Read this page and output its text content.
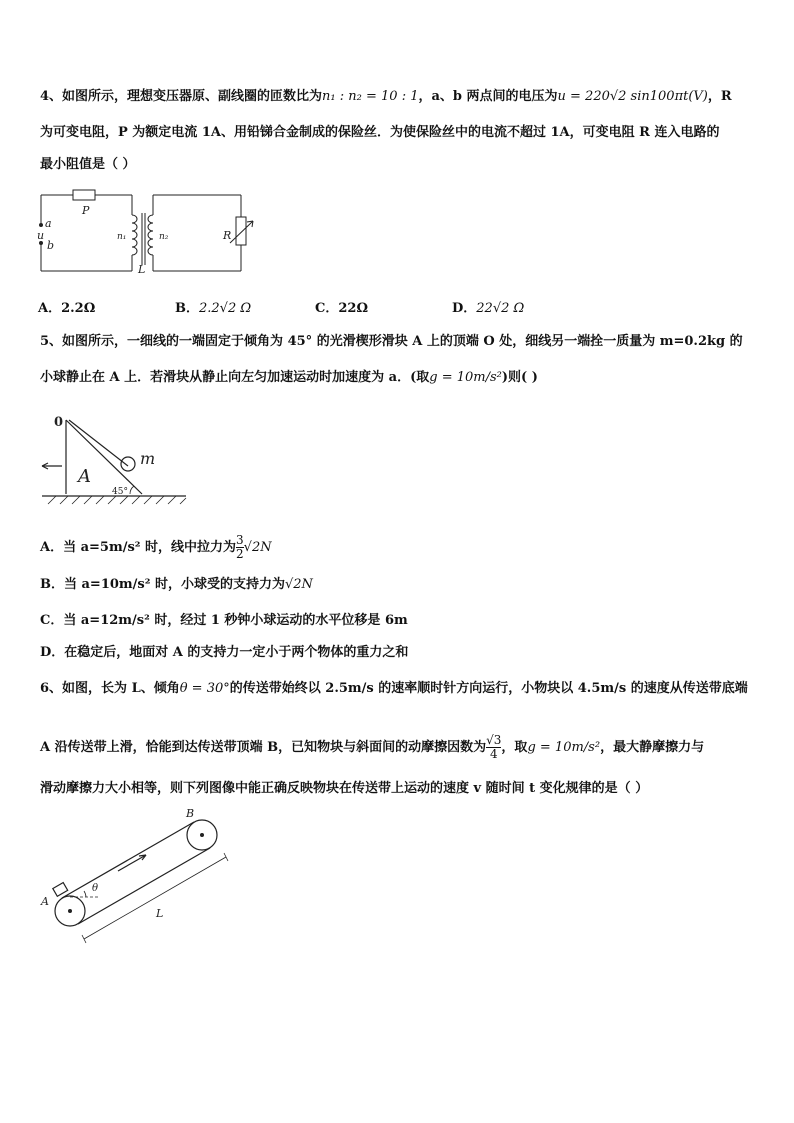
4、如图所示，理想变压器原、副线圈的匝数比为n₁ : n₂ = 10 : 1，a、b 两点间的电压为u = 220√2 sin100πt(V)，R
为可变电阻，P 为额定电流 1A、用铅锑合金制成的保险丝．为使保险丝中的电流不超过 1A，可变电阻 R 连入电路的
最小阻值是（ ）
P
a
u
b
n₁	n₂
L
R
A．2.2Ω	B．2.2√2 Ω	C．22Ω	D．22√2 Ω
5、如图所示，一细线的一端固定于倾角为 45° 的光滑楔形滑块 A 上的顶端 O 处，细线另一端拴一质量为 m=0.2kg 的
小球静止在 A 上．若滑块从静止向左匀加速运动时加速度为 a．(取g = 10m/s²)则( )
0
m
A
45°
A．当 a=5m/s² 时，线中拉力为 $\frac{3}{2} √2N$
B．当 a=10m/s² 时，小球受的支持力为√2N
C．当 a=12m/s² 时，经过 1 秒钟小球运动的水平位移是 6m
D．在稳定后，地面对 A 的支持力一定小于两个物体的重力之和
6、如图，长为 L、倾角θ = 30°的传送带始终以 2.5m/s 的速率顺时针方向运行，小物块以 4.5m/s 的速度从传送带底端
A 沿传送带上滑，恰能到达传送带顶端 B，已知物块与斜面间的动摩擦因数为 $\frac{√3}{4}$ ，取g = 10m/s²，最大静摩擦力与
滑动摩擦力大小相等，则下列图像中能正确反映物块在传送带上运动的速度 v 随时间 t 变化规律的是（ ）
A
B
θ
L
